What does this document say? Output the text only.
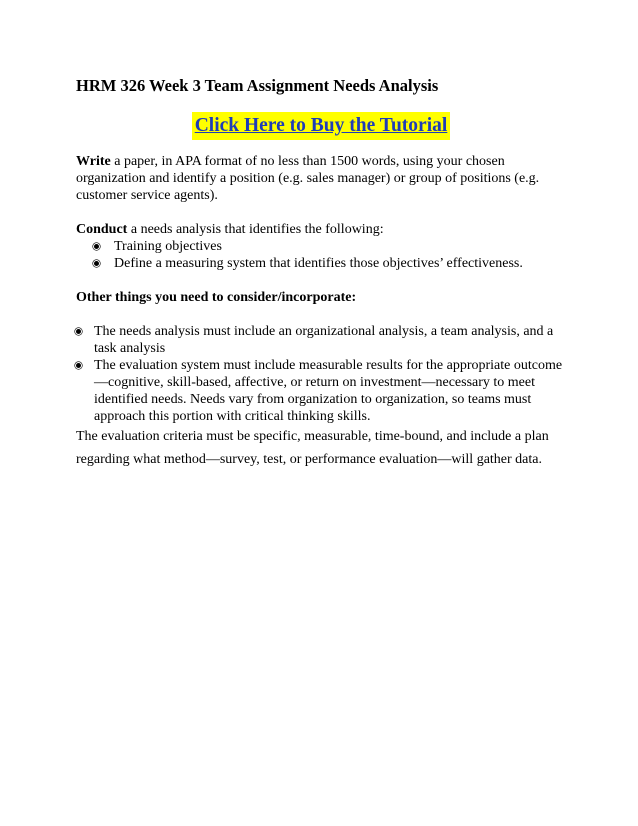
HRM 326 Week 3 Team Assignment Needs Analysis
Click Here to Buy the Tutorial

Write a paper, in APA format of no less than 1500 words, using your chosen organization and identify a position (e.g. sales manager) or group of positions (e.g. customer service agents).

Conduct a needs analysis that identifies the following:

Training objectives
Define a measuring system that identifies those objectives’ effectiveness.

Other things you need to consider/incorporate:

The needs analysis must include an organizational analysis, a team analysis, and a task analysis
The evaluation system must include measurable results for the appropriate outcome—cognitive, skill-based, affective, or return on investment—necessary to meet identified needs. Needs vary from organization to organization, so teams must approach this portion with critical thinking skills.

The evaluation criteria must be specific, measurable, time-bound, and include a plan regarding what method—survey, test, or performance evaluation—will gather data.
